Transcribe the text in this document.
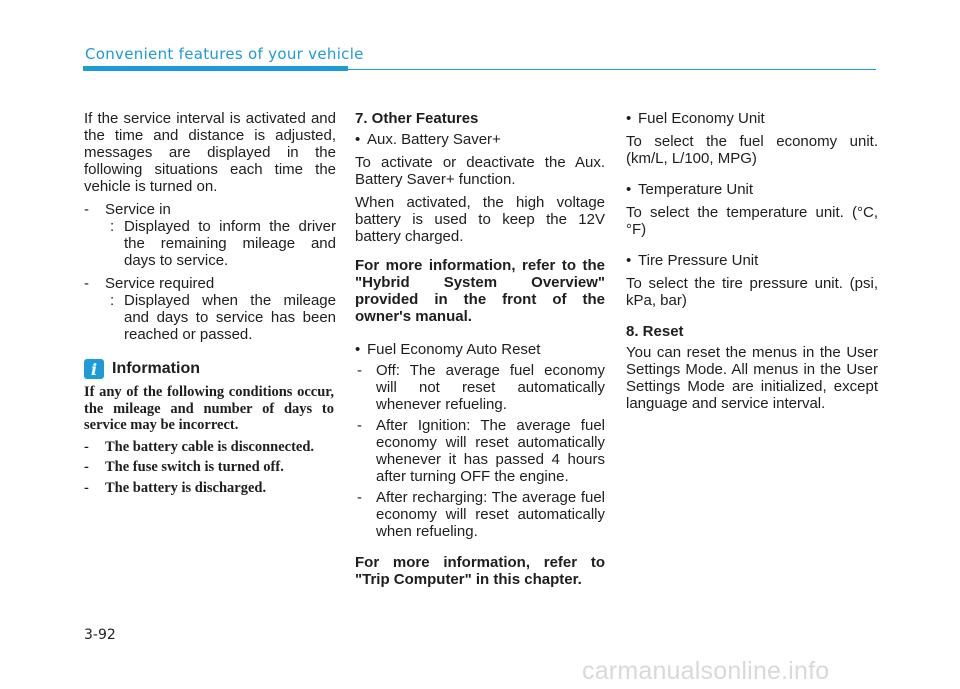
Convenient features of your vehicle

If the service interval is activated and the time and distance is adjusted, messages are displayed in the following situations each time the vehicle is turned on.

- Service in
: Displayed to inform the driver the remaining mileage and days to service.
- Service required
: Displayed when the mileage and days to service has been reached or passed.
i Information

If any of the following conditions occur, the mileage and number of days to service may be incorrect.

- The battery cable is disconnected.
- The fuse switch is turned off.
- The battery is discharged.

7. Other Features

• Aux. Battery Saver+

To activate or deactivate the Aux. Battery Saver+ function.

When activated, the high voltage battery is used to keep the 12V battery charged.

For more information, refer to the "Hybrid System Overview" provided in the front of the owner's manual.

• Fuel Economy Auto Reset
- Off: The average fuel economy will not reset automatically whenever refueling.
- After Ignition: The average fuel economy will reset automatically whenever it has passed 4 hours after turning OFF the engine.
- After recharging: The average fuel economy will reset automatically when refueling.

For more information, refer to "Trip Computer" in this chapter.

• Fuel Economy Unit

To select the fuel economy unit. (km/L, L/100, MPG)

• Temperature Unit

To select the temperature unit. (°C,°F)

• Tire Pressure Unit

To select the tire pressure unit. (psi, kPa, bar)

8. Reset

You can reset the menus in the User Settings Mode. All menus in the User Settings Mode are initialized, except language and service interval.

3-92
carmanualsonline.info
